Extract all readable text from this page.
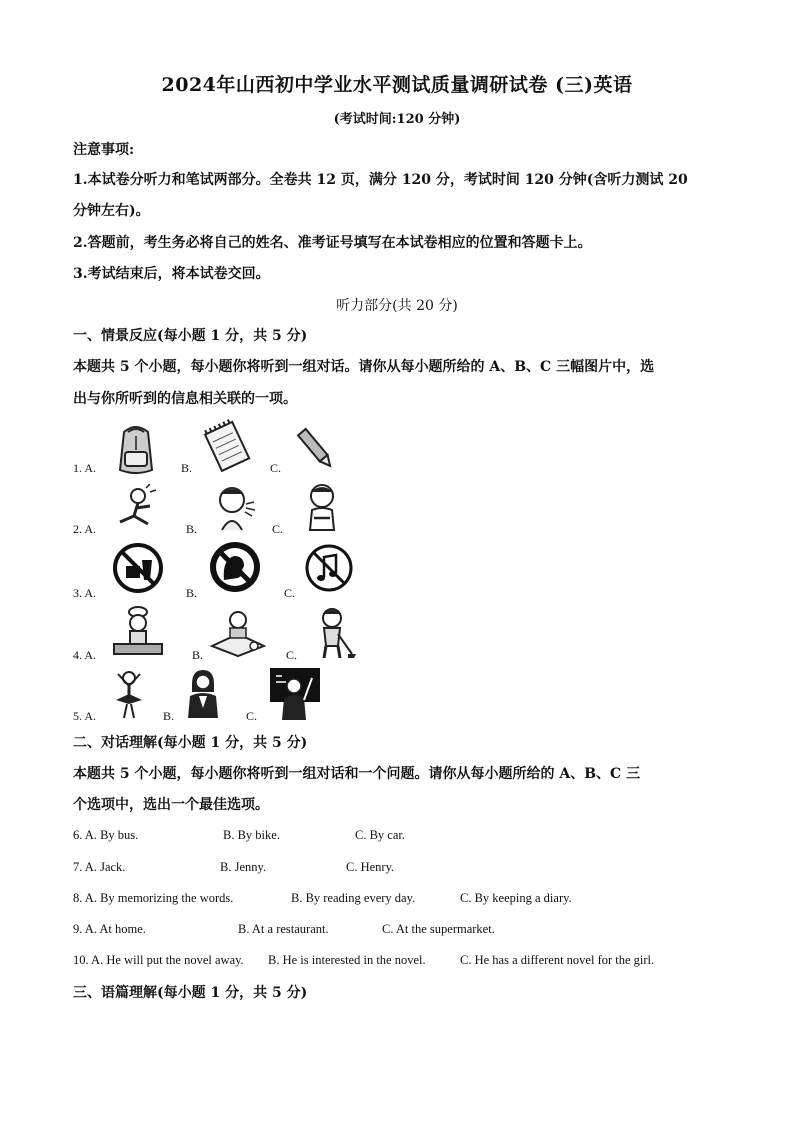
2024年山西初中学业水平测试质量调研试卷 (三)英语
(考试时间:120 分钟)
注意事项:
1.本试卷分听力和笔试两部分。全卷共 12 页，满分 120 分，考试时间 120 分钟(含听力测试 20
分钟左右)。
2.答题前，考生务必将自己的姓名、准考证号填写在本试卷相应的位置和答题卡上。
3.考试结束后，将本试卷交回。
听力部分(共 20 分)
一、情景反应(每小题 1 分，共 5 分)
本题共 5 个小题，每小题你将听到一组对话。请你从每小题所给的 A、B、C 三幅图片中，选
出与你所听到的信息相关联的一项。
1. A.	B.	C.
2. A.	B.	C.
3. A.	B.	C.
4. A.	B.	C.
5. A.	B.	C.
二、对话理解(每小题 1 分，共 5 分)
本题共 5 个小题，每小题你将听到一组对话和一个问题。请你从每小题所给的 A、B、C 三
个选项中，选出一个最佳选项。
6. A. By bus.	B. By bike.	C. By car.
7. A. Jack.	B. Jenny.	C. Henry.
8. A. By memorizing the words.	B. By reading every day.	C. By keeping a diary.
9. A. At home.	B. At a restaurant.	C. At the supermarket.
10. A. He will put the novel away. B. He is interested in the novel.	C. He has a different novel for the girl.
三、语篇理解(每小题 1 分，共 5 分)
